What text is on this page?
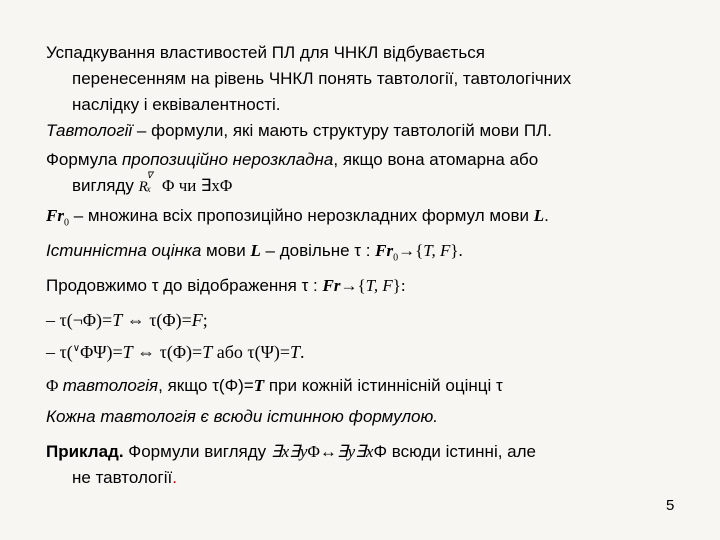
Успадкування властивостей ПЛ для ЧНКЛ відбувається
перенесенням на рівень ЧНКЛ понять тавтології, тавтологічних
наслідку і еквівалентності.
Тавтології – формули, які мають структуру тавтологій мови ПЛ.
Формула пропозиційно нерозкладна, якщо вона атомарна або
вигляду R
∇
x Φ чи ∃xΦ
$Fr_0$ – множина всіх пропозиційно нерозкладних формул мови L.
Істинністна оцінка мови L – довільне τ : $Fr_0\to\{T$, F}.
Продовжимо τ до відображення τ : Fr→{T, F}:
– τ(¬Φ)=T ⇔ τ(Φ)=F;
– τ(∨ΦΨ)=T ⇔ τ(Φ)=T або τ(Ψ)=T.
Φ тавтологія, якщо τ(Φ)=T при кожній істиннісній оцінці τ
Кожна тавтологія є всюди істинною формулою.
Приклад. Формули вигляду ∃x∃yΦ↔∃y∃xΦ всюди істинні, але
не тавтології.
5
